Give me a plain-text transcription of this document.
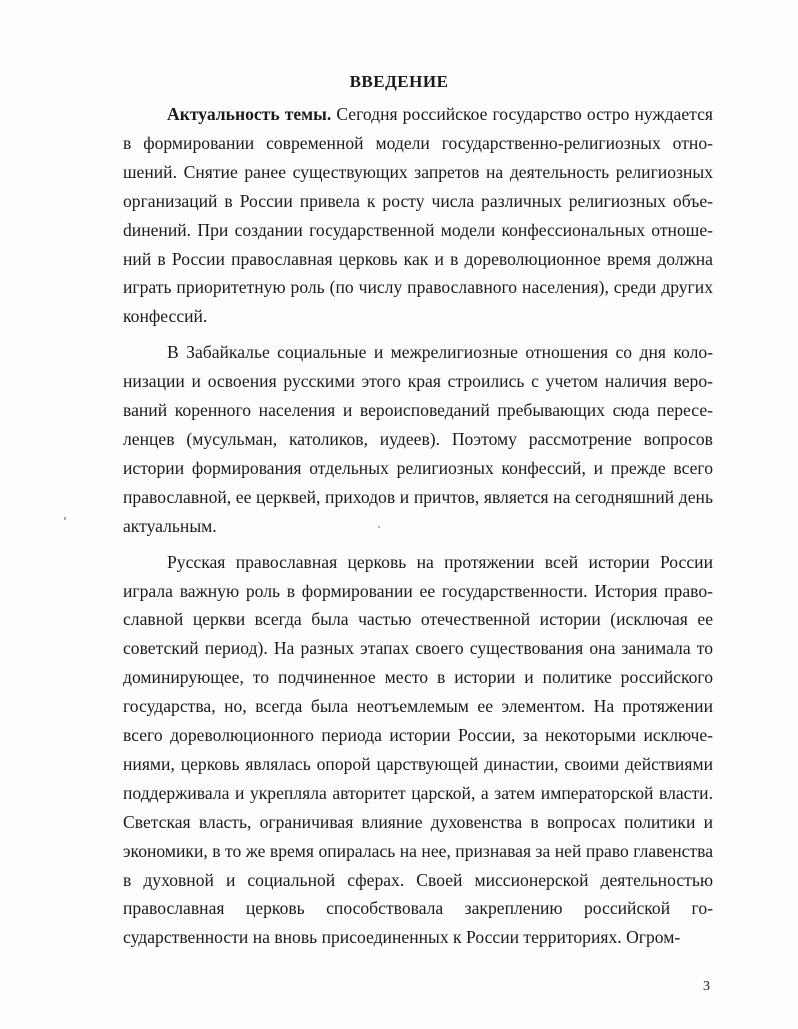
ВВЕДЕНИЕ

Актуальность темы. Сегодня российское государство остро нуждается в формировании современной модели государственно-религиозных отношений. Снятие ранее существующих запретов на деятельность религиозных организаций в России привела к росту числа различных религиозных объеdинений. При создании государственной модели конфессиональных отношений в России православная церковь как и в дореволюционное время должна играть приоритетную роль (по числу православного населения), среди других конфессий.

В Забайкалье социальные и межрелигиозные отношения со дня колонизации и освоения русскими этого края строились с учетом наличия верований коренного населения и вероисповеданий пребывающих сюда переселенцев (мусульман, католиков, иудеев). Поэтому рассмотрение вопросов истории формирования отдельных религиозных конфессий, и прежде всего православной, ее церквей, приходов и причтов, является на сегодняшний день актуальным.

Русская православная церковь на протяжении всей истории России играла важную роль в формировании ее государственности. История православной церкви всегда была частью отечественной истории (исключая ее советский период). На разных этапах своего существования она занимала то доминирующее, то подчиненное место в истории и политике российского государства, но, всегда была неотъемлемым ее элементом. На протяжении всего дореволюционного периода истории России, за некоторыми исключениями, церковь являлась опорой царствующей династии, своими действиями поддерживала и укрепляла авторитет царской, а затем императорской власти. Светская власть, ограничивая влияние духовенства в вопросах политики и экономики, в то же время опиралась на нее, признавая за ней право главенства в духовной и социальной сферах. Своей миссионерской деятельностью православная церковь способствовала закреплению российской государственности на вновь присоединенных к России территориях. Огром-

3
